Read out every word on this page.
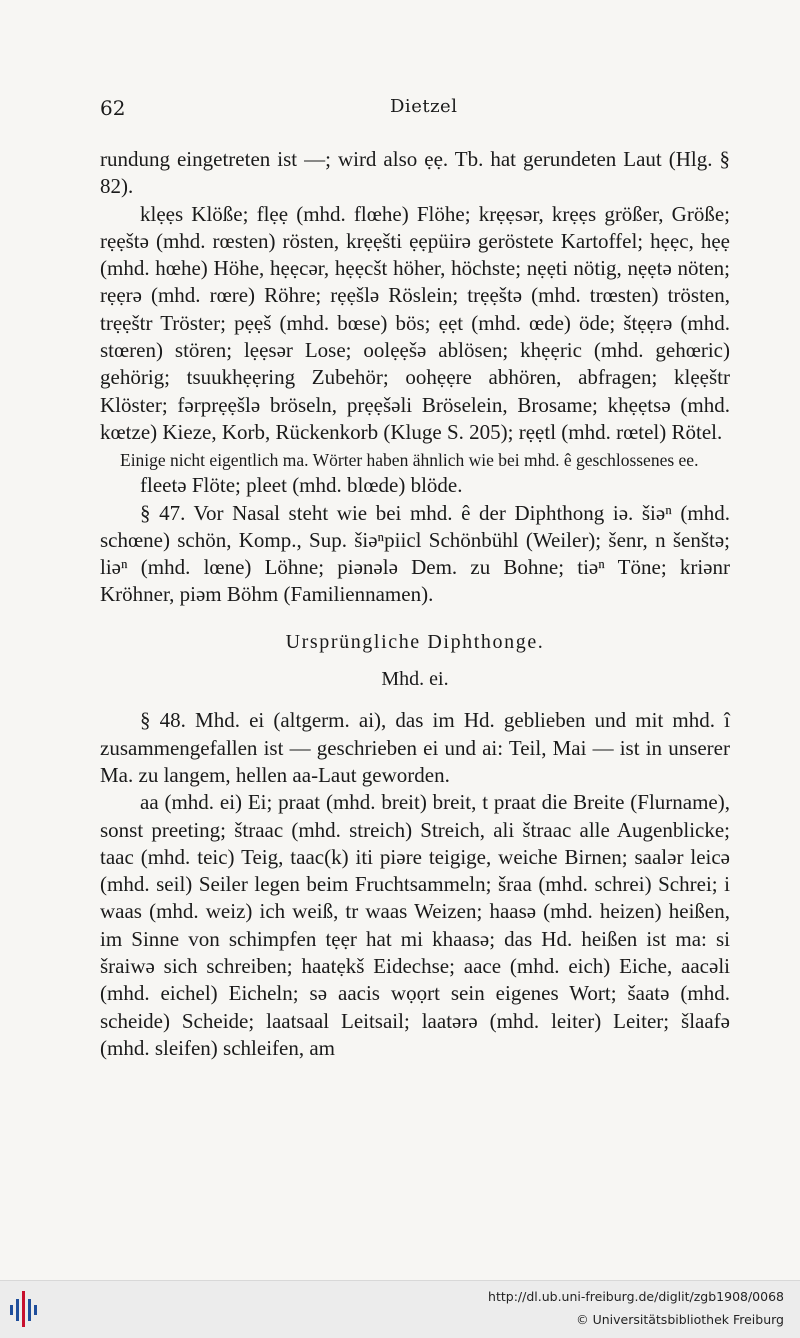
62	Dietzel

rundung eingetreten ist —; wird also ẹẹ. Tb. hat gerundeten Laut (Hlg. § 82).

klẹẹs Klöße; flẹẹ (mhd. flœhe) Flöhe; krẹẹsər, krẹẹs größer, Größe; rẹẹštə (mhd. rœsten) rösten, krẹẹšti ẹẹpüirə geröstete Kartoffel; hẹẹc, hẹẹ (mhd. hœhe) Höhe, hẹẹcər, hẹẹcšt höher, höchste; nẹẹti nötig, nẹẹtə nöten; rẹẹrə (mhd. rœre) Röhre; rẹẹšlə Röslein; trẹẹštə (mhd. trœsten) trösten, trẹẹštr Tröster; pẹẹš (mhd. bœse) bös; ẹẹt (mhd. œde) öde; štẹẹrə (mhd. stœren) stören; lẹẹsər Lose; oolẹẹšə ablösen; khẹẹric (mhd. gehœric) gehörig; tsuukhẹẹring Zubehör; oohẹẹre abhören, abfragen; klẹẹštr Klöster; fərprẹẹšlə bröseln, prẹẹšəli Bröselein, Brosame; khẹẹtsə (mhd. kœtze) Kieze, Korb, Rückenkorb (Kluge S. 205); rẹẹtl (mhd. rœtel) Rötel.

Einige nicht eigentlich ma. Wörter haben ähnlich wie bei mhd. ê geschlossenes ee.

fleetə Flöte; pleet (mhd. blœde) blöde.

§ 47. Vor Nasal steht wie bei mhd. ê der Diphthong iə. šiəⁿ (mhd. schœne) schön, Komp., Sup. šiəⁿpiicl Schönbühl (Weiler); šenr, n šenštə; liəⁿ (mhd. lœne) Löhne; piənələ Dem. zu Bohne; tiəⁿ Töne; kriənr Kröhner, piəm Böhm (Familiennamen).

Ursprüngliche Diphthonge.

Mhd. ei.

§ 48. Mhd. ei (altgerm. ai), das im Hd. geblieben und mit mhd. î zusammengefallen ist — geschrieben ei und ai: Teil, Mai — ist in unserer Ma. zu langem, hellen aa-Laut geworden.

aa (mhd. ei) Ei; praat (mhd. breit) breit, t praat die Breite (Flurname), sonst preeting; štraac (mhd. streich) Streich, ali štraac alle Augenblicke; taac (mhd. teic) Teig, taac(k) iti piəre teigige, weiche Birnen; saalər leicə (mhd. seil) Seiler legen beim Fruchtsammeln; šraa (mhd. schrei) Schrei; i waas (mhd. weiz) ich weiß, tr waas Weizen; haasə (mhd. heizen) heißen, im Sinne von schimpfen tẹẹr hat mi khaasə; das Hd. heißen ist ma: si šraiwə sich schreiben; haatẹkš Eidechse; aace (mhd. eich) Eiche, aacəli (mhd. eichel) Eicheln; sə aacis wọọrt sein eigenes Wort; šaatə (mhd. scheide) Scheide; laatsaal Leitsail; laatərə (mhd. leiter) Leiter; šlaafə (mhd. sleifen) schleifen, am

http://dl.ub.uni-freiburg.de/diglit/zgb1908/0068
© Universitätsbibliothek Freiburg
